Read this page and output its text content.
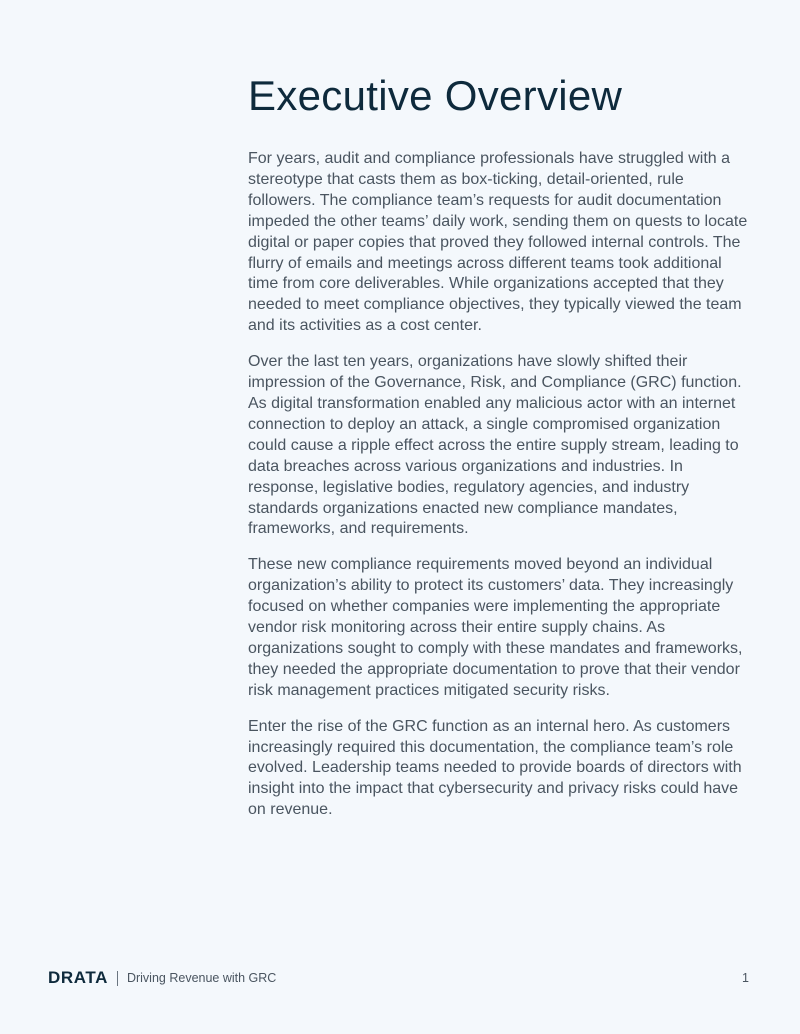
Executive Overview

For years, audit and compliance professionals have struggled with a stereotype that casts them as box-ticking, detail-oriented, rule followers. The compliance team’s requests for audit documentation impeded the other teams’ daily work, sending them on quests to locate digital or paper copies that proved they followed internal controls. The flurry of emails and meetings across different teams took additional time from core deliverables. While organizations accepted that they needed to meet compliance objectives, they typically viewed the team and its activities as a cost center.

Over the last ten years, organizations have slowly shifted their impression of the Governance, Risk, and Compliance (GRC) function. As digital transformation enabled any malicious actor with an internet connection to deploy an attack, a single compromised organization could cause a ripple effect across the entire supply stream, leading to data breaches across various organizations and industries. In response, legislative bodies, regulatory agencies, and industry standards organizations enacted new compliance mandates, frameworks, and requirements.

These new compliance requirements moved beyond an individual organization’s ability to protect its customers’ data. They increasingly focused on whether companies were implementing the appropriate vendor risk monitoring across their entire supply chains. As organizations sought to comply with these mandates and frameworks, they needed the appropriate documentation to prove that their vendor risk management practices mitigated security risks.

Enter the rise of the GRC function as an internal hero. As customers increasingly required this documentation, the compliance team’s role evolved. Leadership teams needed to provide boards of directors with insight into the impact that cybersecurity and privacy risks could have on revenue.

DRATA Driving Revenue with GRC	1
